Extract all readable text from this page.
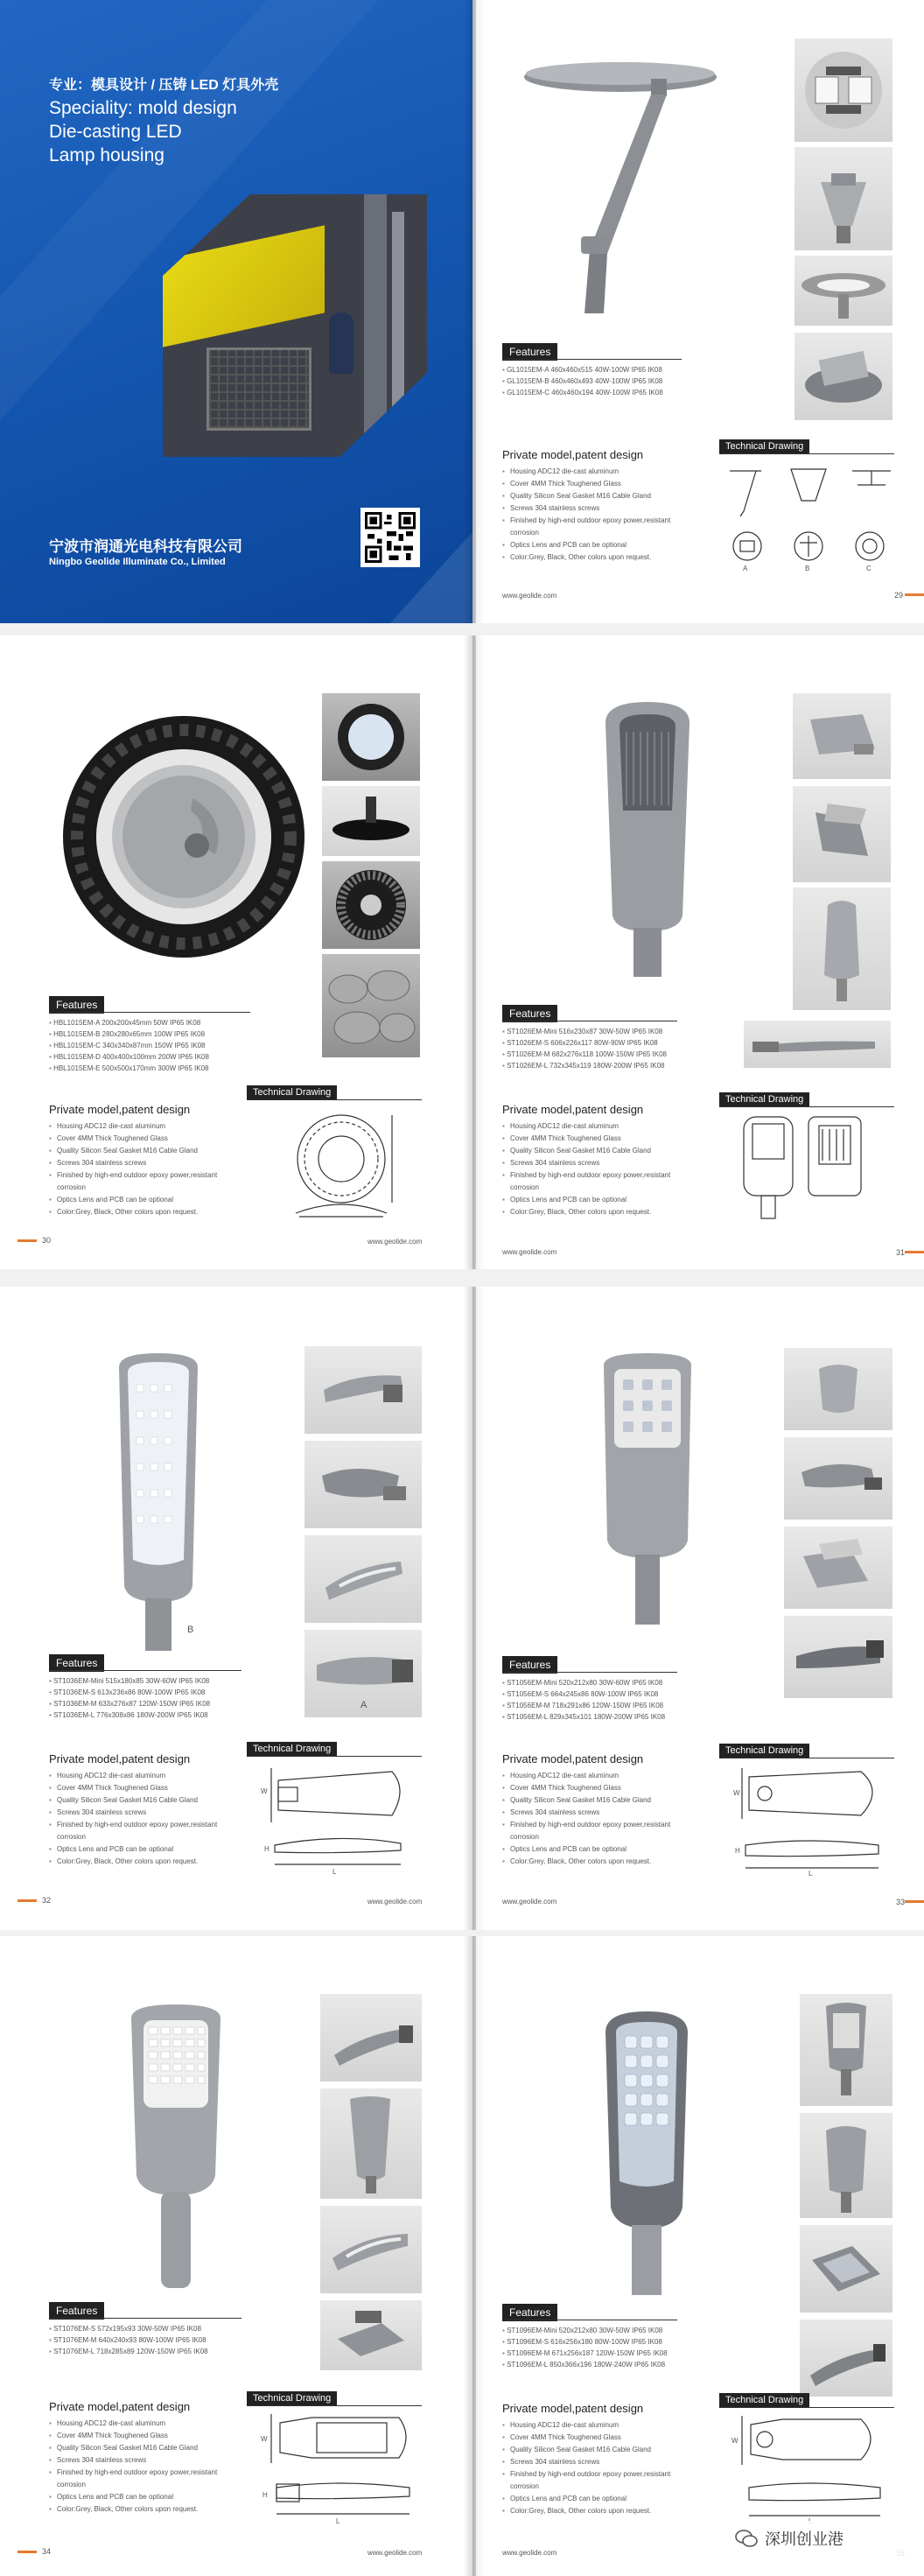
专业：模具设计 / 压铸 LED 灯具外壳
Speciality: mold design
Die-casting LED
Lamp housing
宁波市润通光电科技有限公司
Ningbo Geolide Illuminate Co., Limited
Features
▪ GL1015EM-A 460x460x515 40W-100W IP65 IK08
▪ GL1015EM-B 460x460x493 40W-100W IP65 IK08
▪ GL1015EM-C 460x460x194 40W-100W IP65 IK08
Private model,patent design
▪ Housing ADC12 die-cast aluminum
▪ Cover 4MM Thick Toughened Glass
▪ Quality Silicon Seal Gasket M16 Cable Gland
▪ Screws 304 stainless screws
▪ Finished by high-end outdoor epoxy power,resistant corrosion
▪ Optics Lens and PCB can be optional
▪ Color:Grey, Black, Other colors upon request.
Technical Drawing
A	B	C
www.geolide.com	29
Features
▪ HBL1015EM-A 200x200x45mm 50W IP65 IK08
▪ HBL1015EM-B 280x280x65mm 100W IP65 IK08
▪ HBL1015EM-C 340x340x87mm 150W IP65 IK08
▪ HBL1015EM-D 400x400x100mm 200W IP65 IK08
▪ HBL1015EM-E 500x500x170mm 300W IP65 IK08
Private model,patent design
▪ Housing ADC12 die-cast aluminum
▪ Cover 4MM Thick Toughened Glass
▪ Quality Silicon Seal Gasket M16 Cable Gland
▪ Screws 304 stainless screws
▪ Finished by high-end outdoor epoxy power,resistant corrosion
▪ Optics Lens and PCB can be optional
▪ Color:Grey, Black, Other colors upon request.
Technical Drawing
30	www.geolide.com
Features
▪ ST1026EM-Mini 516x230x87 30W-50W IP65 IK08
▪ ST1026EM-S 606x226x117 80W-90W IP65 IK08
▪ ST1026EM-M 682x276x118 100W-150W IP65 IK08
▪ ST1026EM-L 732x345x119 180W-200W IP65 IK08
Private model,patent design
▪ Housing ADC12 die-cast aluminum
▪ Cover 4MM Thick Toughened Glass
▪ Quality Silicon Seal Gasket M16 Cable Gland
▪ Screws 304 stainless screws
▪ Finished by high-end outdoor epoxy power,resistant corrosion
▪ Optics Lens and PCB can be optional
▪ Color:Grey, Black, Other colors upon request.
Technical Drawing
www.geolide.com	31
B
A
Features
▪ ST1036EM-Mini 515x180x85 30W-60W IP65 IK08
▪ ST1036EM-S 613x236x86 80W-100W IP65 IK08
▪ ST1036EM-M 633x276x87 120W-150W IP65 IK08
▪ ST1036EM-L 776x308x86 180W-200W IP65 IK08
Private model,patent design
▪ Housing ADC12 die-cast aluminum
▪ Cover 4MM Thick Toughened Glass
▪ Quality Silicon Seal Gasket M16 Cable Gland
▪ Screws 304 stainless screws
▪ Finished by high-end outdoor epoxy power,resistant corrosion
▪ Optics Lens and PCB can be optional
▪ Color:Grey, Black, Other colors upon request.
Technical Drawing
W
H
L
32	www.geolide.com
Features
▪ ST1056EM-Mini 520x212x80 30W-60W IP65 IK08
▪ ST1056EM-S 664x245x86 80W-100W IP65 IK08
▪ ST1056EM-M 718x291x86 120W-150W IP65 IK08
▪ ST1056EM-L 829x345x101 180W-200W IP65 IK08
Private model,patent design
▪ Housing ADC12 die-cast aluminum
▪ Cover 4MM Thick Toughened Glass
▪ Quality Silicon Seal Gasket M16 Cable Gland
▪ Screws 304 stainless screws
▪ Finished by high-end outdoor epoxy power,resistant corrosion
▪ Optics Lens and PCB can be optional
▪ Color:Grey, Black, Other colors upon request.
Technical Drawing
W
H
L
www.geolide.com	33
Features
▪ ST1076EM-S 572x195x93 30W-50W IP65 IK08
▪ ST1076EM-M 640x240x93 80W-100W IP65 IK08
▪ ST1076EM-L 718x285x89 120W-150W IP65 IK08
Private model,patent design
▪ Housing ADC12 die-cast aluminum
▪ Cover 4MM Thick Toughened Glass
▪ Quality Silicon Seal Gasket M16 Cable Gland
▪ Screws 304 stainless screws
▪ Finished by high-end outdoor epoxy power,resistant corrosion
▪ Optics Lens and PCB can be optional
▪ Color:Grey, Black, Other colors upon request.
Technical Drawing
W
H
L
34	www.geolide.com
Features
▪ ST1096EM-Mini 520x212x80 30W-50W IP65 IK08
▪ ST1096EM-S 616x256x180 80W-100W IP65 IK08
▪ ST1096EM-M 671x256x187 120W-150W IP65 IK08
▪ ST1096EM-L 850x366x196 180W-240W IP65 IK08
Private model,patent design
▪ Housing ADC12 die-cast aluminum
▪ Cover 4MM Thick Toughened Glass
▪ Quality Silicon Seal Gasket M16 Cable Gland
▪ Screws 304 stainless screws
▪ Finished by high-end outdoor epoxy power,resistant corrosion
▪ Optics Lens and PCB can be optional
▪ Color:Grey, Black, Other colors upon request.
Technical Drawing
W
www.geolide.com
深圳创业港
